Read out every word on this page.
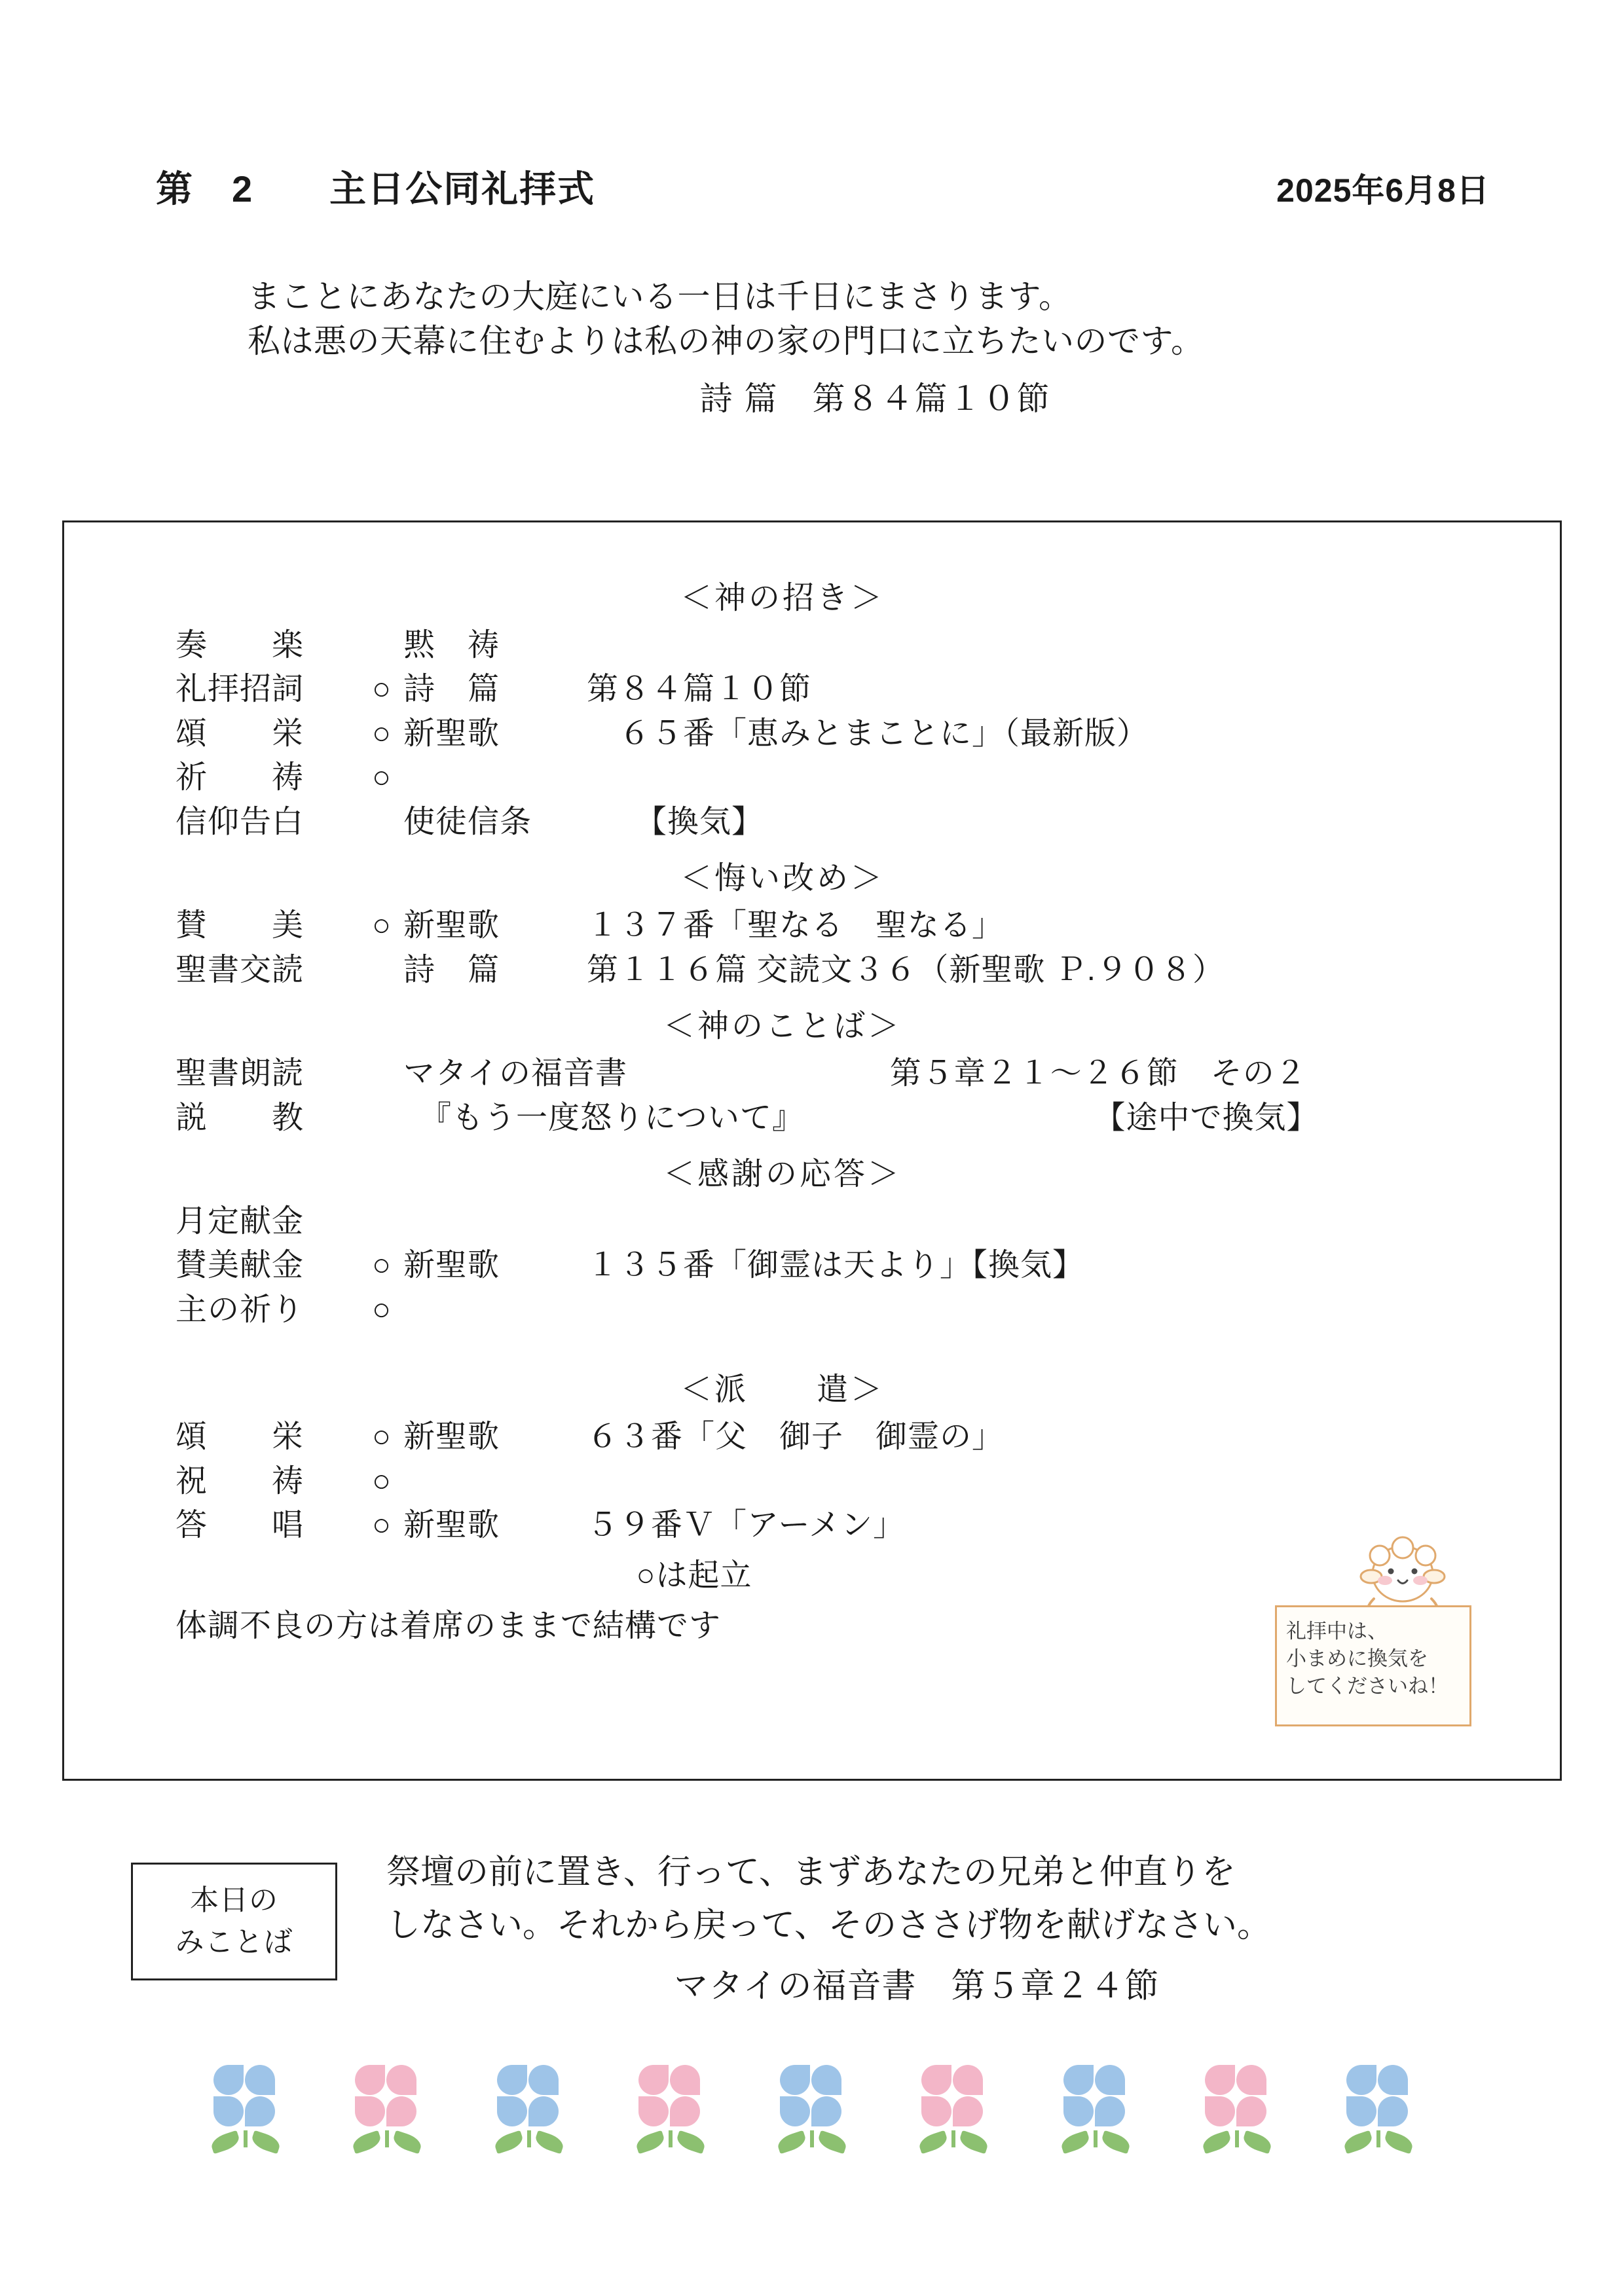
第　2　　主日公同礼拝式	2025年6月8日
まことにあなたの大庭にいる一日は千日にまさります。
私は悪の天幕に住むよりは私の神の家の門口に立ちたいのです。
詩 篇　第８４篇１０節
＜神の招き＞
奏　　楽	黙　祷
礼拝招詞	○ 詩　篇	第８４篇１０節
頌　　栄	○ 新聖歌	　６５番「恵みとまことに」（最新版）
祈　　祷	○
信仰告白	使徒信条	　　【換気】
＜悔い改め＞
賛　　美	○ 新聖歌	１３７番「聖なる　聖なる」
聖書交読	詩　篇	第１１６篇 交読文３６（新聖歌 Ｐ.９０８）
＜神のことば＞
聖書朗読	マタイの福音書	第５章２１～２６節　その２
説　　教	　『もう一度怒りについて』	　　【途中で換気】
＜感謝の応答＞
月定献金
賛美献金	○ 新聖歌	１３５番「御霊は天より」【換気】
主の祈り	○
＜派　　遣＞
頌　　栄	○ 新聖歌	６３番「父　御子　御霊の」
祝　　祷	○
答　　唱	○ 新聖歌	５９番Ｖ「アーメン」
○は起立
体調不良の方は着席のままで結構です	礼拝中は、
小まめに換気を
してくださいね！
本日の
みことば
祭壇の前に置き、行って、まずあなたの兄弟と仲直りを
しなさい。それから戻って、そのささげ物を献げなさい。
マタイの福音書　第５章２４節
